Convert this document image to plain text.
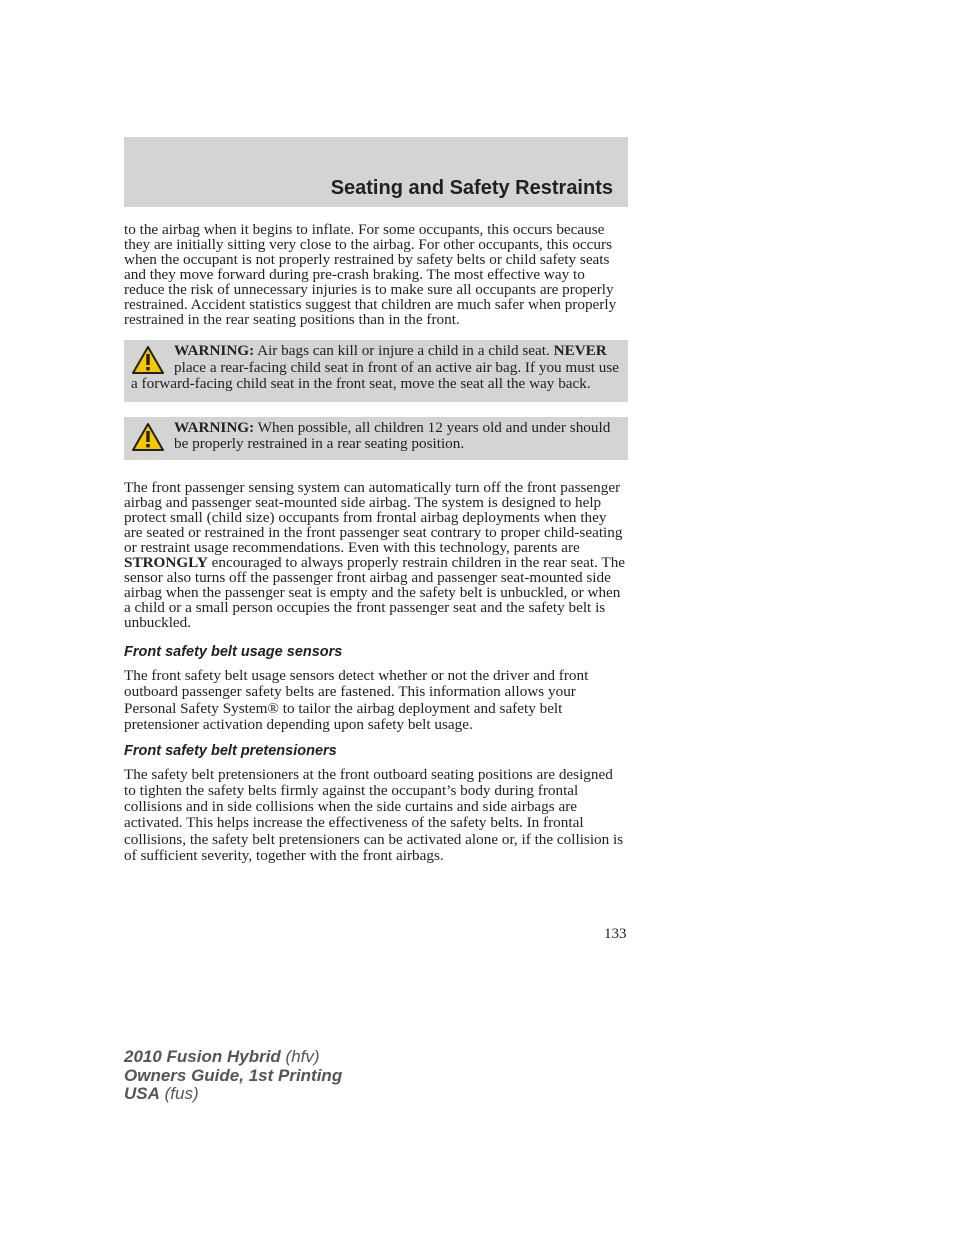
Seating and Safety Restraints

to the airbag when it begins to inflate. For some occupants, this occurs because they are initially sitting very close to the airbag. For other occupants, this occurs when the occupant is not properly restrained by safety belts or child safety seats and they move forward during pre-crash braking. The most effective way to reduce the risk of unnecessary injuries is to make sure all occupants are properly restrained. Accident statistics suggest that children are much safer when properly restrained in the rear seating positions than in the front.

WARNING: Air bags can kill or injure a child in a child seat. NEVER place a rear-facing child seat in front of an active air bag. If you must use a forward-facing child seat in the front seat, move the seat all the way back.
WARNING: When possible, all children 12 years old and under should be properly restrained in a rear seating position.

The front passenger sensing system can automatically turn off the front passenger airbag and passenger seat-mounted side airbag. The system is designed to help protect small (child size) occupants from frontal airbag deployments when they are seated or restrained in the front passenger seat contrary to proper child-seating or restraint usage recommendations. Even with this technology, parents are STRONGLY encouraged to always properly restrain children in the rear seat. The sensor also turns off the passenger front airbag and passenger seat-mounted side airbag when the passenger seat is empty and the safety belt is unbuckled, or when a child or a small person occupies the front passenger seat and the safety belt is unbuckled.

Front safety belt usage sensors

The front safety belt usage sensors detect whether or not the driver and front outboard passenger safety belts are fastened. This information allows your Personal Safety System® to tailor the airbag deployment and safety belt pretensioner activation depending upon safety belt usage.

Front safety belt pretensioners

The safety belt pretensioners at the front outboard seating positions are designed to tighten the safety belts firmly against the occupant’s body during frontal collisions and in side collisions when the side curtains and side airbags are activated. This helps increase the effectiveness of the safety belts. In frontal collisions, the safety belt pretensioners can be activated alone or, if the collision is of sufficient severity, together with the front airbags.

133
2010 Fusion Hybrid (hfv)
Owners Guide, 1st Printing
USA (fus)
